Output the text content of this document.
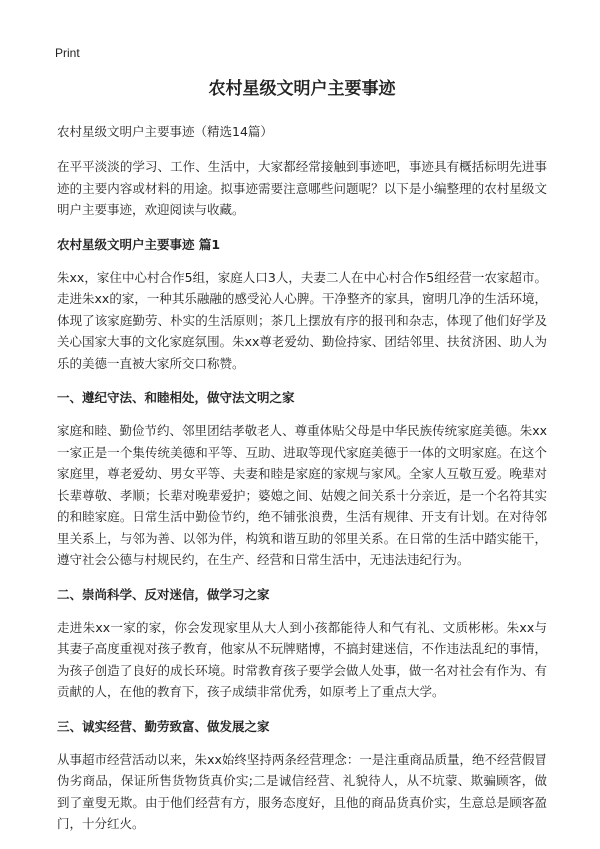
Print
农村星级文明户主要事迹
农村星级文明户主要事迹（精选14篇）

在平平淡淡的学习、工作、生活中，大家都经常接触到事迹吧，事迹具有概括标明先进事迹的主要内容或材料的用途。拟事迹需要注意哪些问题呢？以下是小编整理的农村星级文明户主要事迹，欢迎阅读与收藏。

农村星级文明户主要事迹 篇1

朱xx，家住中心村合作5组，家庭人口3人，夫妻二人在中心村合作5组经营一农家超市。走进朱xx的家，一种其乐融融的感受沁人心脾。干净整齐的家具，窗明几净的生活环境，体现了该家庭勤劳、朴实的生活原则；茶几上摆放有序的报刊和杂志，体现了他们好学及关心国家大事的文化家庭氛围。朱xx尊老爱幼、勤俭持家、团结邻里、扶贫济困、助人为乐的美德一直被大家所交口称赞。

一、遵纪守法、和睦相处，做守法文明之家

家庭和睦、勤俭节约、邻里团结孝敬老人、尊重体贴父母是中华民族传统家庭美德。朱xx一家正是一个集传统美德和平等、互助、进取等现代家庭美德于一体的文明家庭。在这个家庭里，尊老爱幼、男女平等、夫妻和睦是家庭的家规与家风。全家人互敬互爱。晚辈对长辈尊敬、孝顺；长辈对晚辈爱护；婆媳之间、姑嫂之间关系十分亲近，是一个名符其实的和睦家庭。日常生活中勤俭节约，绝不铺张浪费，生活有规律、开支有计划。在对待邻里关系上，与邻为善、以邻为伴，构筑和谐互助的邻里关系。在日常的生活中踏实能干，遵守社会公德与村规民约，在生产、经营和日常生活中，无违法违纪行为。

二、崇尚科学、反对迷信，做学习之家

走进朱xx一家的家，你会发现家里从大人到小孩都能待人和气有礼、文质彬彬。朱xx与其妻子高度重视对孩子教育，他家从不玩牌赌博，不搞封建迷信，不作违法乱纪的事情，为孩子创造了良好的成长环境。时常教育孩子要学会做人处事，做一名对社会有作为、有贡献的人，在他的教育下，孩子成绩非常优秀，如原考上了重点大学。

三、诚实经营、勤劳致富、做发展之家

从事超市经营活动以来，朱xx始终坚持两条经营理念：一是注重商品质量，绝不经营假冒伪劣商品，保证所售货物货真价实;二是诚信经营、礼貌待人，从不坑蒙、欺骗顾客，做到了童叟无欺。由于他们经营有方，服务态度好，且他的商品货真价实，生意总是顾客盈门，十分红火。
